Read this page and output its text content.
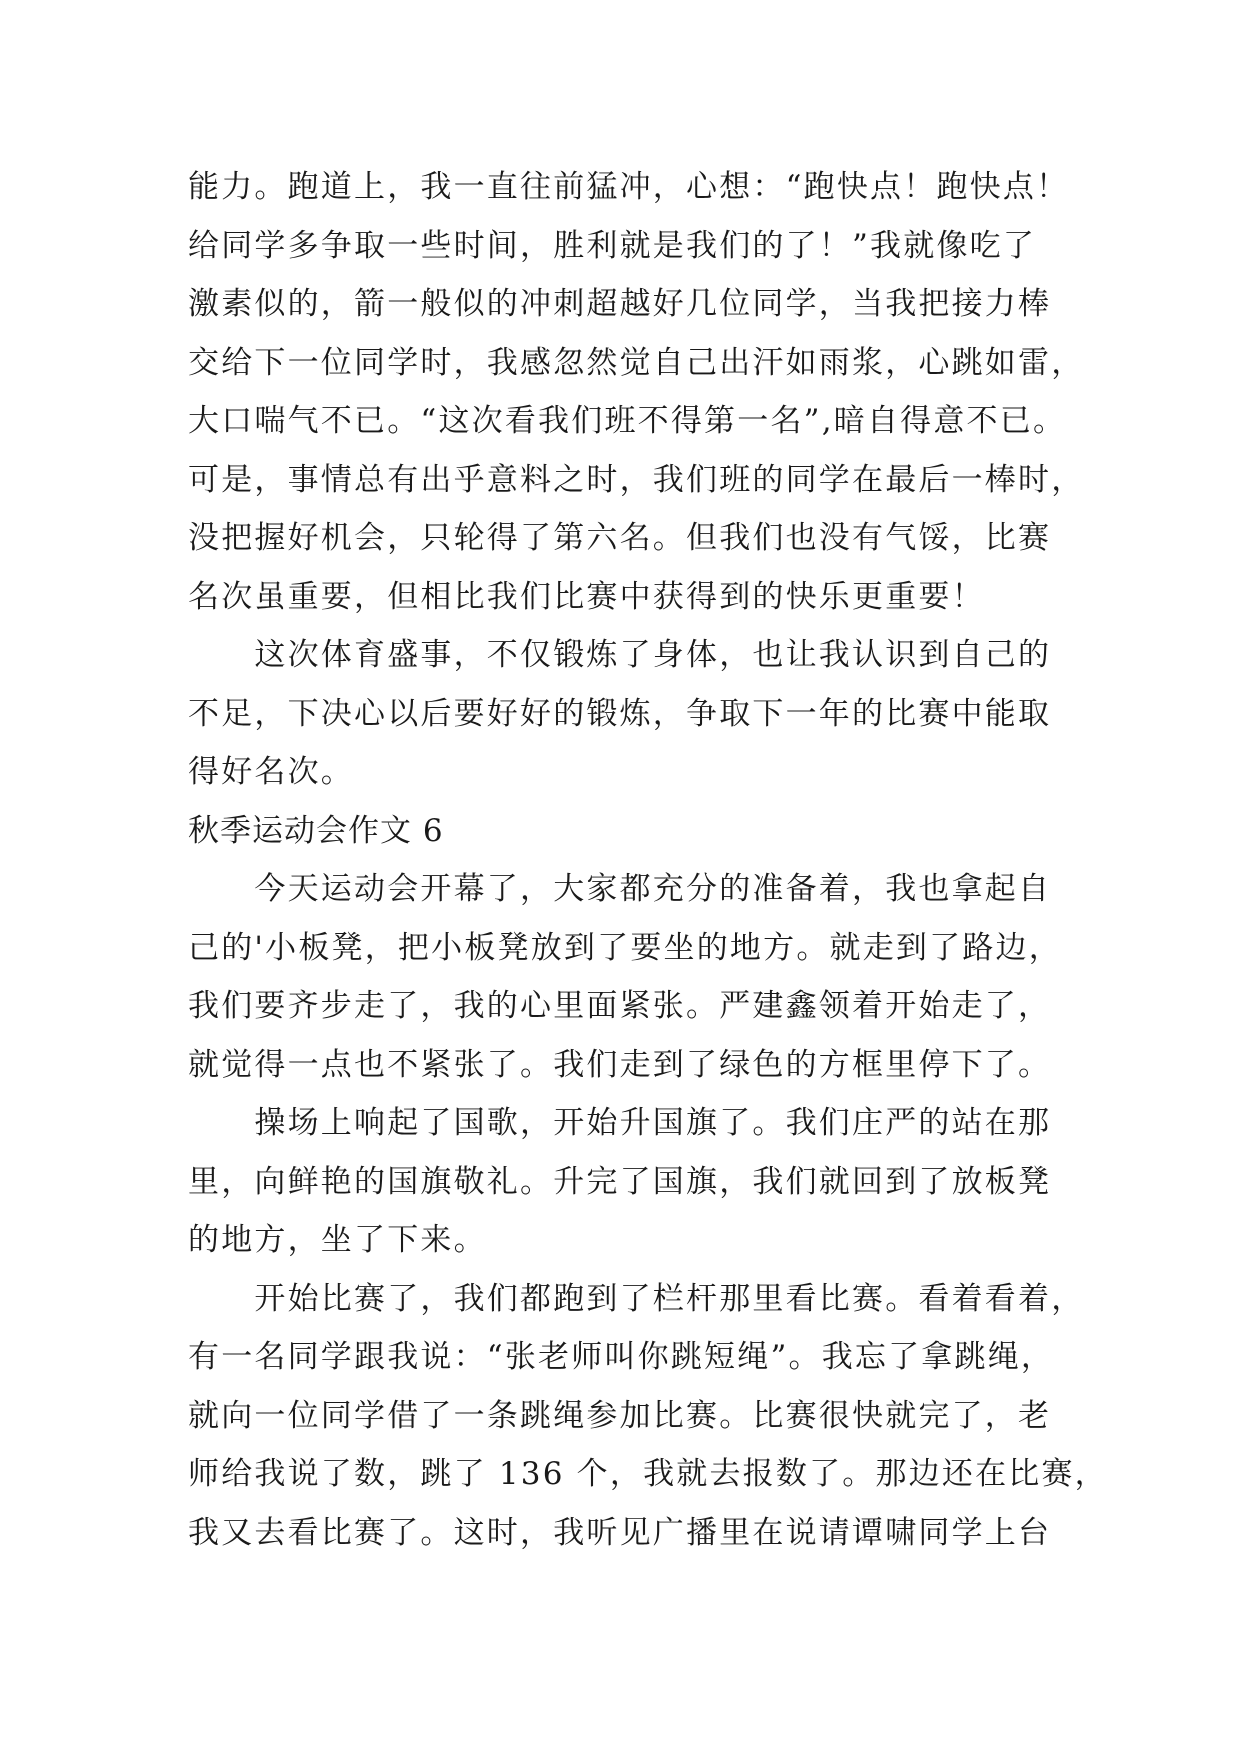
能力。跑道上，我一直往前猛冲，心想：“跑快点！跑快点！
给同学多争取一些时间，胜利就是我们的了！”我就像吃了
激素似的，箭一般似的冲刺超越好几位同学，当我把接力棒
交给下一位同学时，我感忽然觉自己出汗如雨浆，心跳如雷，
大口喘气不已。“这次看我们班不得第一名”,暗自得意不已。
可是，事情总有出乎意料之时，我们班的同学在最后一棒时，
没把握好机会，只轮得了第六名。但我们也没有气馁，比赛
名次虽重要，但相比我们比赛中获得到的快乐更重要！
　　这次体育盛事，不仅锻炼了身体，也让我认识到自己的
不足，下决心以后要好好的锻炼，争取下一年的比赛中能取
得好名次。
秋季运动会作文 6
　　今天运动会开幕了，大家都充分的准备着，我也拿起自
己的'小板凳，把小板凳放到了要坐的地方。就走到了路边，
我们要齐步走了，我的心里面紧张。严建鑫领着开始走了，
就觉得一点也不紧张了。我们走到了绿色的方框里停下了。
　　操场上响起了国歌，开始升国旗了。我们庄严的站在那
里，向鲜艳的国旗敬礼。升完了国旗，我们就回到了放板凳
的地方，坐了下来。
　　开始比赛了，我们都跑到了栏杆那里看比赛。看着看着，
有一名同学跟我说：“张老师叫你跳短绳”。我忘了拿跳绳，
就向一位同学借了一条跳绳参加比赛。比赛很快就完了，老
师给我说了数，跳了 136 个，我就去报数了。那边还在比赛，
我又去看比赛了。这时，我听见广播里在说请谭啸同学上台
